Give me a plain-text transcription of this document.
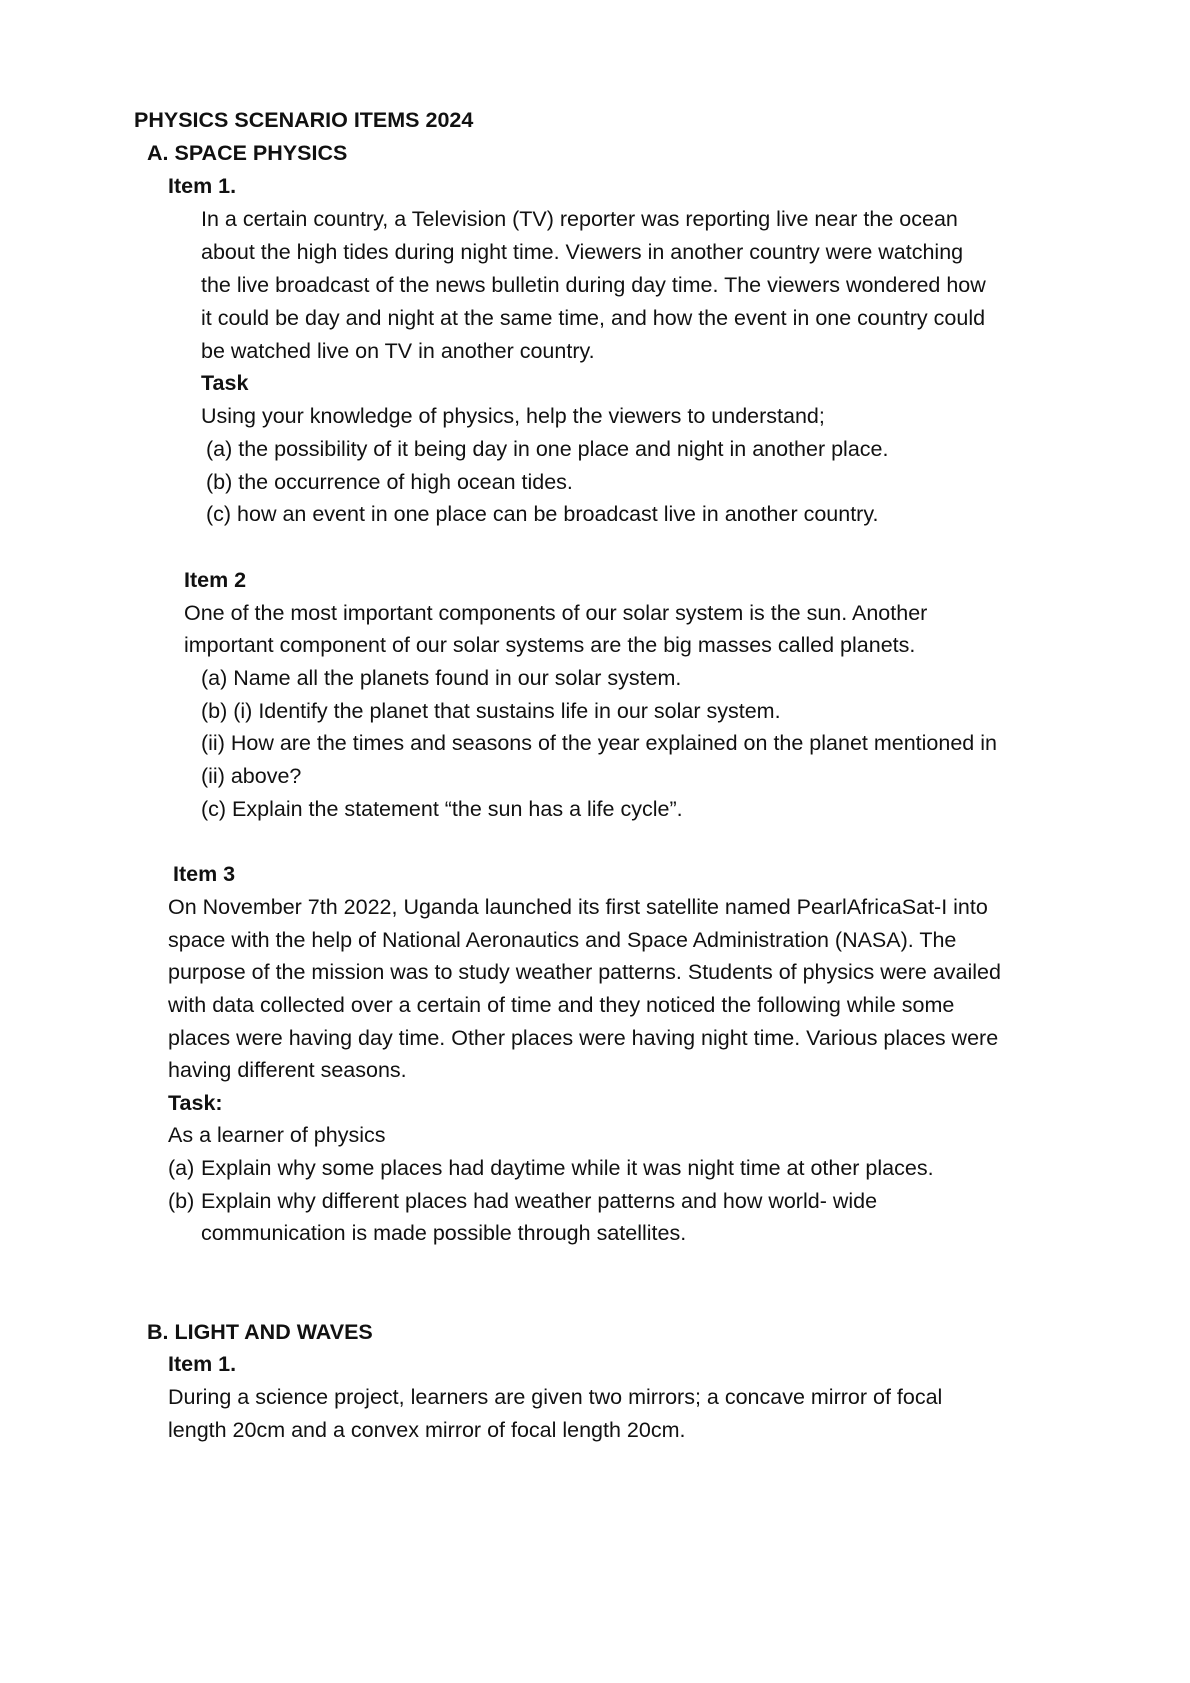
PHYSICS SCENARIO ITEMS 2024
A. SPACE PHYSICS
Item 1.
In a certain country, a Television (TV) reporter was reporting live near the ocean
about the high tides during night time. Viewers in another country were watching
the live broadcast of the news bulletin during day time. The viewers wondered how
it could be day and night at the same time, and how the event in one country could
be watched live on TV in another country.
Task
Using your knowledge of physics, help the viewers to understand;
(a) the possibility of it being day in one place and night in another place.
(b) the occurrence of high ocean tides.
(c) how an event in one place can be broadcast live in another country.
Item 2
One of the most important components of our solar system is the sun. Another
important component of our solar systems are the big masses called planets.
(a) Name all the planets found in our solar system.
(b) (i) Identify the planet that sustains life in our solar system.
(ii) How are the times and seasons of the year explained on the planet mentioned in
(ii) above?
(c) Explain the statement “the sun has a life cycle”.
Item 3
On November 7th 2022, Uganda launched its first satellite named PearlAfricaSat-I into
space with the help of National Aeronautics and Space Administration (NASA). The
purpose of the mission was to study weather patterns. Students of physics were availed
with data collected over a certain of time and they noticed the following while some
places were having day time. Other places were having night time. Various places were
having different seasons.
Task:
As a learner of physics
(a) Explain why some places had daytime while it was night time at other places.
(b) Explain why different places had weather patterns and how world- wide
communication is made possible through satellites.
B. LIGHT AND WAVES
Item 1.
During a science project, learners are given two mirrors; a concave mirror of focal
length 20cm and a convex mirror of focal length 20cm.
